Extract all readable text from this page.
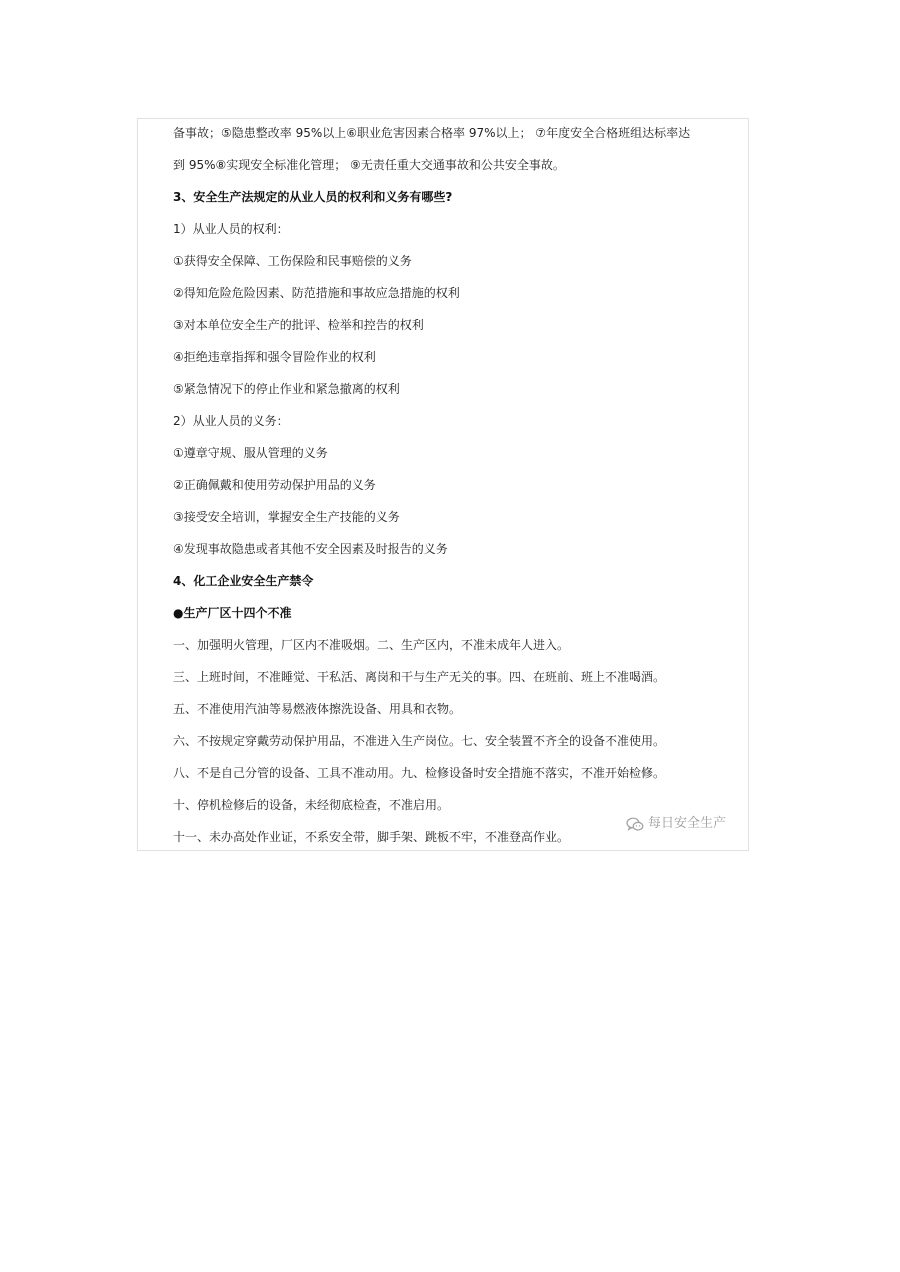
备事故；⑤隐患整改率 95%以上⑥职业危害因素合格率 97%以上； ⑦年度安全合格班组达标率达
到 95%⑧实现安全标准化管理； ⑨无责任重大交通事故和公共安全事故。
3、安全生产法规定的从业人员的权利和义务有哪些?
1）从业人员的权利：
①获得安全保障、工伤保险和民事赔偿的义务
②得知危险危险因素、防范措施和事故应急措施的权利
③对本单位安全生产的批评、检举和控告的权利
④拒绝违章指挥和强令冒险作业的权利
⑤紧急情况下的停止作业和紧急撤离的权利
2）从业人员的义务：
①遵章守规、服从管理的义务
②正确佩戴和使用劳动保护用品的义务
③接受安全培训，掌握安全生产技能的义务
④发现事故隐患或者其他不安全因素及时报告的义务
4、化工企业安全生产禁令
●生产厂区十四个不准
一、加强明火管理，厂区内不准吸烟。二、生产区内，不准未成年人进入。
三、上班时间，不准睡觉、干私活、离岗和干与生产无关的事。四、在班前、班上不准喝酒。
五、不准使用汽油等易燃液体擦洗设备、用具和衣物。
六、不按规定穿戴劳动保护用品，不准进入生产岗位。七、安全装置不齐全的设备不准使用。
八、不是自己分管的设备、工具不准动用。九、检修设备时安全措施不落实，不准开始检修。
十、停机检修后的设备，未经彻底检查，不准启用。
十一、未办高处作业证，不系安全带，脚手架、跳板不牢，不准登高作业。
每日安全生产
